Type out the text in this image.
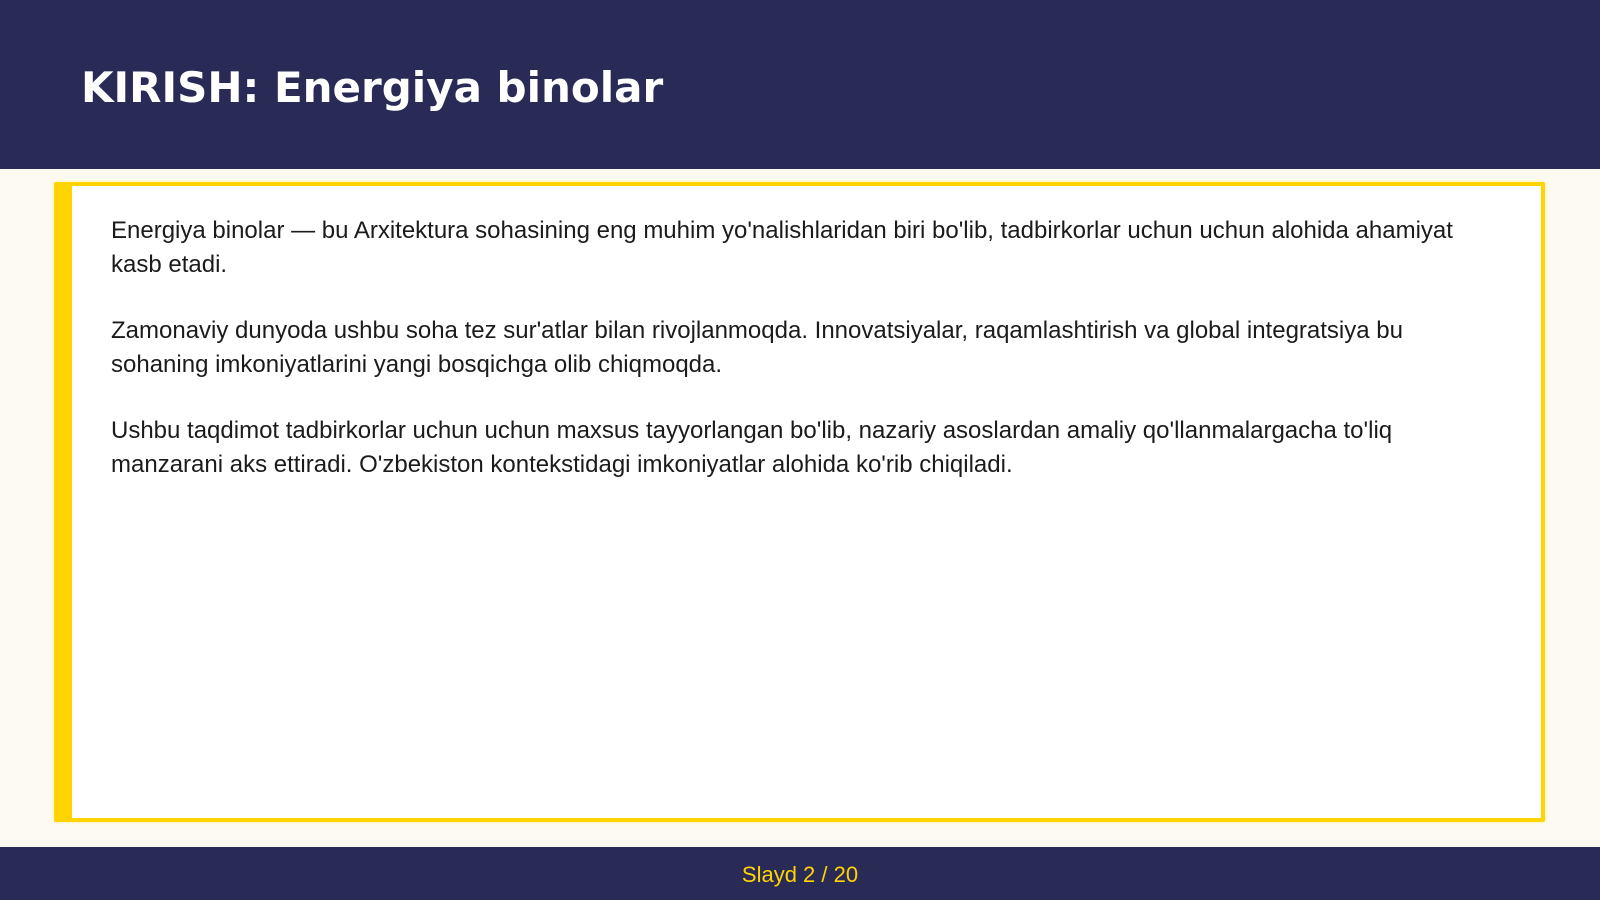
KIRISH: Energiya binolar

Energiya binolar — bu Arxitektura sohasining eng muhim yo'nalishlaridan biri bo'lib, tadbirkorlar uchun uchun alohida ahamiyat kasb etadi.

Zamonaviy dunyoda ushbu soha tez sur'atlar bilan rivojlanmoqda. Innovatsiyalar, raqamlashtirish va global integratsiya bu sohaning imkoniyatlarini yangi bosqichga olib chiqmoqda.

Ushbu taqdimot tadbirkorlar uchun uchun maxsus tayyorlangan bo'lib, nazariy asoslardan amaliy qo'llanmalargacha to'liq manzarani aks ettiradi. O'zbekiston kontekstidagi imkoniyatlar alohida ko'rib chiqiladi.

Slayd 2 / 20
